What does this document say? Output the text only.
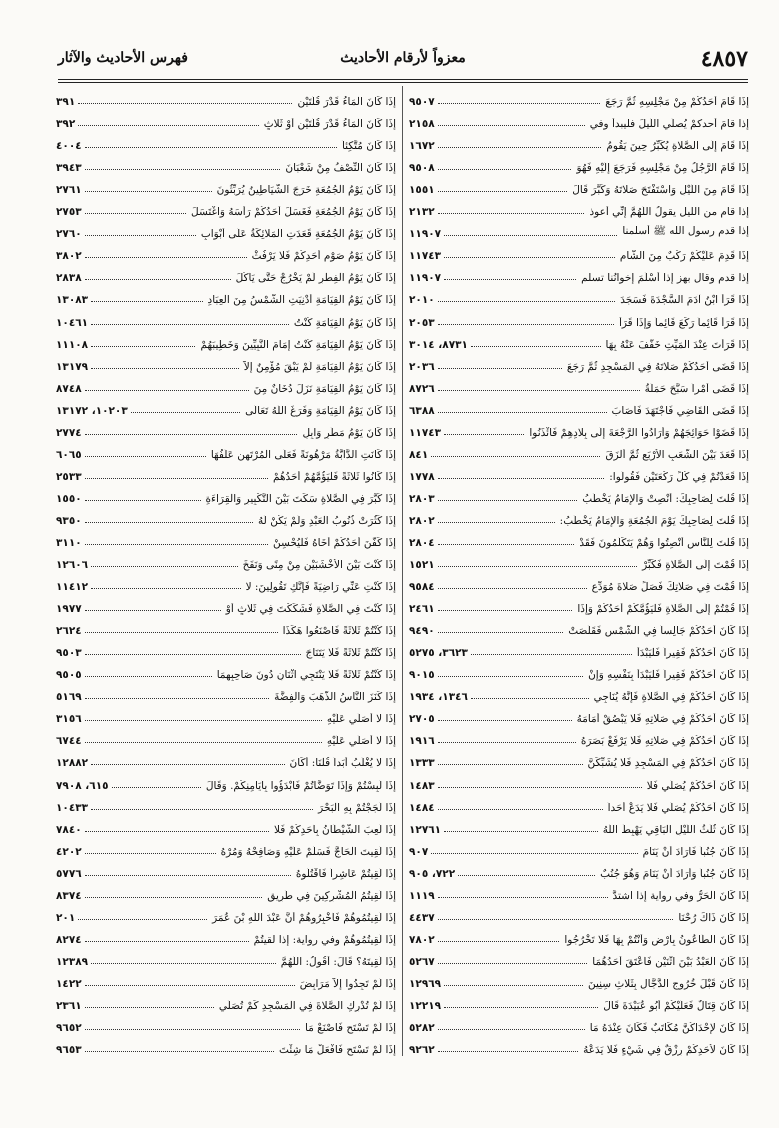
٤٨٥٧
معزواً لأرقام الأحاديث
فهرس الأحاديث والآثار
إِذَا قَامَ أَحَدُكُمْ مِنْ مَجْلِسِهِ ثُمَّ رَجَعَ
٩٥٠٧
إذا قامَ أحدكمْ يُصلِّي اللَّيلَ فليبدأْ وفي
٢١٥٨
إِذَا قَامَ إِلَى الصَّلاةِ يُكَبِّرُ حِينَ يَقُومُ
١٦٧٢
إِذَا قَامَ الرَّجُلُ مِنْ مَجْلِسِهِ فَرَجَعَ إِلَيْهِ فَهُوَ
٩٥٠٨
إِذَا قَامَ مِنَ اللَّيْلِ وَاسْتَفْتَحَ صَلاتَهُ وَكَبَّرَ قَالَ
١٥٥١
إذا قام من الليل يقولُ اللَّهُمَّ إنِّي أعوذ
٢١٣٢
إذا قدم رسول الله ﷺ أسلمنا
١١٩٠٧
إِذَا قَدِمَ عَلَيْكُمْ رَكْبٌ مِنَ الشَّامِ
١١٧٤٣
إذا قدم وقال بهز إذا أسْلَمَ إخوانُنا تسلم
١١٩٠٧
إِذَا قَرَأَ ابْنُ آدَمَ السَّجْدَةَ فَسَجَدَ
٢٠١٠
إِذَا قَرَأَ قَائِماً رَكَعَ قَائِماً وَإِذَا قَرَأَ
٢٠٥٣
إِذَا قَرَأْتَ عِنْدَ الْمَيِّتِ خَفَّفَ عَنْهُ بِهَا
٨٧٣١، ٣٠١٤
إِذَا قَضَى أَحَدُكُمْ صَلاتَهُ فِي الْمَسْجِدِ ثُمَّ رَجَعَ
٢٠٣٦
إِذَا قَضَى أَمْراً سَبَّحَ حَمَلَةُ
٨٧٢٦
إِذَا قَضَى الْقَاضِي فَاجْتَهَدَ فَأَصَابَ
٦٣٨٨
إِذَا قَضَوْا حَوَائِجَهُمْ وَأَرَادُوا الرَّجْعَةَ إِلَى بِلادِهِمْ فَائْذَنُوا
١١٧٤٣
إِذَا قَعَدَ بَيْنَ الشُّعَبِ الأَرْبَعِ ثُمَّ أَلْزَقَ
٨٤١
إِذَا قَعَدْتُمْ فِي كُلِّ رَكْعَتَيْنِ فَقُولُوا:
١٧٧٨
إِذَا قُلْتَ لِصَاحِبِكَ: أَنْصِتْ وَالإِمَامُ يَخْطُبُ
٢٨٠٣
إِذَا قُلْتَ لِصَاحِبِكَ يَوْمَ الْجُمُعَةِ وَالإِمَامُ يَخْطُبُ:
٢٨٠٢
إِذَا قُلْتَ لِلنَّاسِ أَنْصِتُوا وَهُمْ يَتَكَلَّمُونَ فَقَدْ
٢٨٠٤
إِذَا قُمْتَ إِلَى الصَّلاةِ فَكَبِّرْ
١٥٢١
إِذَا قُمْتَ فِي صَلاتِكَ فَصَلِّ صَلاةَ مُوَدِّعٍ
٩٥٨٤
إِذَا قُمْتُمْ إِلَى الصَّلاةِ فَلْيَؤُمَّكُمْ أَحَدُكُمْ وَإِذَا
٢٤٦١
إِذَا كَانَ أَحَدُكُمْ جَالِساً فِي الشَّمْسِ فَقَلَصَتْ
٩٤٩٠
إِذَا كَانَ أَحَدُكُمْ فَقِيراً فَلْيَبْدَأْ
٣٦٢٣، ٥٢٧٥
إِذَا كَانَ أَحَدُكُمْ فَقِيراً فَلْيَبْدَأْ بِنَفْسِهِ وَإِنْ
٩٠١٥
إِذَا كَانَ أَحَدُكُمْ فِي الصَّلاةِ فَإِنَّهُ يُنَاجِي
١٣٤٦، ١٩٣٤
إِذَا كَانَ أَحَدُكُمْ فِي صَلاتِهِ فَلا يَبْصُقْ أَمَامَهُ
٢٧٠٥
إِذَا كَانَ أَحَدُكُمْ فِي صَلاتِهِ فَلا يَرْفَعْ بَصَرَهُ
١٩١٦
إِذَا كَانَ أَحَدُكُمْ فِي الْمَسْجِدِ فَلا يُشَبِّكَنَّ
١٣٣٣
إِذَا كَانَ أَحَدُكُمْ يُصَلِّي فَلا
١٤٨٣
إِذَا كَانَ أَحَدُكُمْ يُصَلِّي فَلا يَدَعْ أَحَداً
١٤٨٤
إِذَا كَانَ ثُلُثُ اللَّيْلِ الْبَاقِي يَهْبِطُ اللَّهُ
١٢٧٦١
إِذَا كَانَ جُنُباً فَأَرَادَ أَنْ يَنَامَ
٩٠٧
إِذَا كَانَ جُنُباً وَأَرَادَ أَنْ يَنَامَ وَهُوَ جُنُبٌ
٧٢٢، ٩٠٥
إِذَا كَانَ الْحَرُّ وفي رواية إذا اشتدَّ
١١١٩
إِذَا كَانَ ذَاكَ رُحْنَا
٤٤٣٧
إِذَا كَانَ الطَّاعُونُ بِأَرْضٍ وَأَنْتُمْ بِهَا فَلا تَخْرُجُوا
٧٨٠٢
إِذَا كَانَ الْعَبْدُ بَيْنَ اثْنَيْنِ فَأَعْتَقَ أَحَدُهُمَا
٥٢٦٧
إِذَا كَانَ قَبْلَ خُرُوجِ الدَّجَّالِ بِثَلاثِ سِنِينَ
١٢٩٦٩
إِذَا كَانَ قِتَالٌ فَعَلَيْكُمْ أَبُو عُبَيْدَةَ قَالَ
١٢٢١٩
إِذَا كَانَ لإِحْدَاكُنَّ مُكَاتَبٌ فَكَانَ عِنْدَهُ مَا
٥٢٨٢
إِذَا كَانَ لأَحَدِكُمْ رِزْقٌ فِي شَيْءٍ فَلا يَدَعْهُ
٩٢٦٢
إِذَا كَانَ الْمَاءُ قَدْرَ قُلَّتَيْنِ
٣٩١
إِذَا كَانَ الْمَاءُ قَدْرَ قُلَّتَيْنِ أَوْ ثَلاثٍ
٣٩٢
إِذَا كَانَ مُتَّكِئاً
٤٠٠٤
إِذَا كَانَ النِّصْفُ مِنْ شَعْبَانَ
٣٩٤٣
إِذَا كَانَ يَوْمُ الْجُمُعَةِ خَرَجَ الشَّيَاطِينُ يُرَبِّثُونَ
٢٧٦١
إِذَا كَانَ يَوْمُ الْجُمُعَةِ فَغَسَلَ أَحَدُكُمْ رَأْسَهُ وَاغْتَسَلَ
٢٧٥٣
إِذَا كَانَ يَوْمُ الْجُمُعَةِ قَعَدَتِ الْمَلائِكَةُ عَلَى أَبْوَابِ
٢٧٦٠
إِذَا كَانَ يَوْمُ صَوْمِ أَحَدِكُمْ فَلا يَرْفُثْ
٣٨٠٢
إِذَا كَانَ يَوْمُ الْفِطْرِ لَمْ يَخْرُجْ حَتَّى يَأْكُلَ
٢٨٣٨
إِذَا كَانَ يَوْمُ الْقِيَامَةِ أُدْنِيَتِ الشَّمْسُ مِنَ الْعِبَادِ
١٣٠٨٣
إِذَا كَانَ يَوْمُ الْقِيَامَةِ كُنْتُ
١٠٤٦١
إِذَا كَانَ يَوْمُ الْقِيَامَةِ كُنْتُ إِمَامَ النَّبِيِّينَ وَخَطِيبَهُمْ
١١١٠٨
إِذَا كَانَ يَوْمُ الْقِيَامَةِ لَمْ يَبْقَ مُؤْمِنٌ إِلاَّ
١٣١٧٩
إِذَا كَانَ يَوْمُ الْقِيَامَةِ نَزَلَ دُخَانٌ مِنَ
٨٧٤٨
إِذَا كَانَ يَوْمُ الْقِيَامَةِ وَفَرَغَ اللَّهُ تَعَالَى
١٠٢٠٣، ١٣١٧٢
إِذَا كَانَ يَوْمُ مَطَرٍ وَابِلٍ
٢٧٧٤
إِذَا كَانَتِ الدَّابَّةُ مَرْهُونَةً فَعَلَى الْمُرْتَهِنِ عَلَفُهَا
٦٠٦٥
إِذَا كَانُوا ثَلاثَةً فَلْيَؤُمَّهُمْ أَحَدُهُمْ
٢٥٣٣
إِذَا كَبَّرَ فِي الصَّلاةِ سَكَتَ بَيْنَ التَّكْبِيرِ وَالْقِرَاءَةِ
١٥٥٠
إِذَا كَثُرَتْ ذُنُوبُ الْعَبْدِ وَلَمْ يَكُنْ لَهُ
٩٣٥٠
إِذَا كَفَّنَ أَحَدُكُمْ أَخَاهُ فَلْيُحْسِنْ
٣١١٠
إِذَا كُنْتَ بَيْنَ الأَخْشَبَيْنِ مِنْ مِنًى وَنَفَخَ
١٢٦٠٦
إِذَا كُنْتِ عَنِّي رَاضِيَةً فَإِنَّكِ تَقُولِينَ: لا
١١٤١٢
إِذَا كُنْتَ فِي الصَّلاةِ فَشَكَكْتَ فِي ثَلاثٍ أَوْ
١٩٧٧
إِذَا كُنْتُمْ ثَلاثَةً فَاصْنَعُوا هَكَذَا
٢٦٢٤
إِذَا كُنْتُمْ ثَلاثَةً فَلا يَتَنَاجَ
٩٥٠٣
إِذَا كُنْتُمْ ثَلاثَةً فَلا يَنْتَجِي اثْنَانِ دُونَ صَاحِبِهِمَا
٩٥٠٥
إِذَا كَنَزَ النَّاسُ الذَّهَبَ وَالْفِضَّةَ
٥١٦٩
إِذَا لا أُصَلِّي عَلَيْهِ
٣١٥٦
إِذَا لا أُصَلِّي عَلَيْهِ
٦٧٤٤
إِذَا لا يُغْلَبُ أَبَداً قُلْنَا: أَكَانَ
١٢٨٨٢
إِذَا لَبِسْتُمْ وَإِذَا تَوَضَّأْتُمْ فَابْدَؤُوا بِأَيَامِنِكُمْ. وَقَالَ
٦١٥، ٧٩٠٨
إِذَا لَجَجْتُمْ بِهِ الْبَحْرَ
١٠٤٣٣
إِذَا لَعِبَ الشَّيْطَانُ بِأَحَدِكُمْ فَلا
٧٨٤٠
إِذَا لَقِيتَ الْحَاجَّ فَسَلِّمْ عَلَيْهِ وَصَافِحْهُ وَمُرْهُ
٤٢٠٢
إِذَا لَقِيتُمْ عَاشِراً فَاقْتُلُوهُ
٥٧٧٦
إِذَا لَقِيتُمُ الْمُشْرِكِينَ فِي طَرِيقٍ
٨٣٧٤
إِذَا لَقِيتُمُوهُمْ فَأَخْبِرُوهُمْ أَنَّ عَبْدَ اللَّهِ بْنَ عُمَرَ
٢٠١
إِذَا لَقِيتُمُوهُمْ وفي رواية: إذا لقيتُمْ
٨٢٧٤
إِذَا لَقِيتَهُ؟ قَالَ: أَقُولُ: اللَّهُمَّ
١٢٣٨٩
إِذَا لَمْ تَجِدُوا إِلاَّ مَرَابِضَ
١٤٢٢
إِذَا لَمْ تُدْرِكِ الصَّلاةَ فِي الْمَسْجِدِ كَمْ تُصَلِّي
٢٣٦١
إِذَا لَمْ تَسْتَحِ فَاصْنَعْ مَا
٩٦٥٢
إِذَا لَمْ تَسْتَحِ فَافْعَلْ مَا شِئْتَ
٩٦٥٣
